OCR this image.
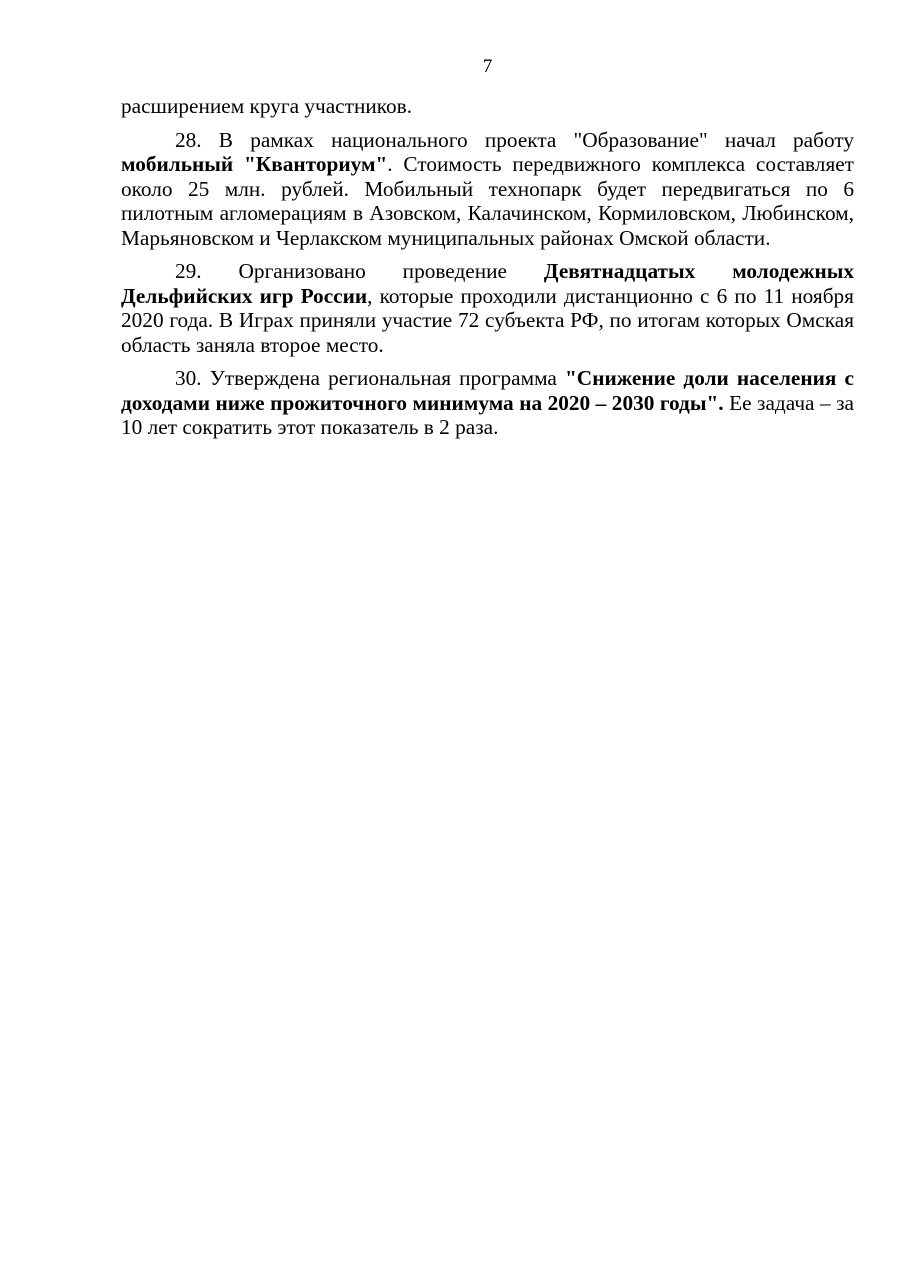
7

расширением круга участников.

28. В рамках национального проекта "Образование" начал работу мобильный "Кванториум". Стоимость передвижного комплекса составляет около 25 млн. рублей. Мобильный технопарк будет передвигаться по 6 пилотным агломерациям в Азовском, Калачинском, Кормиловском, Любинском, Марьяновском и Черлакском муниципальных районах Омской области.

29. Организовано проведение Девятнадцатых молодежных Дельфийских игр России, которые проходили дистанционно с 6 по 11 ноября 2020 года. В Играх приняли участие 72 субъекта РФ, по итогам которых Омская область заняла второе место.

30. Утверждена региональная программа "Снижение доли населения с доходами ниже прожиточного минимума на 2020 – 2030 годы". Ее задача – за 10 лет сократить этот показатель в 2 раза.
